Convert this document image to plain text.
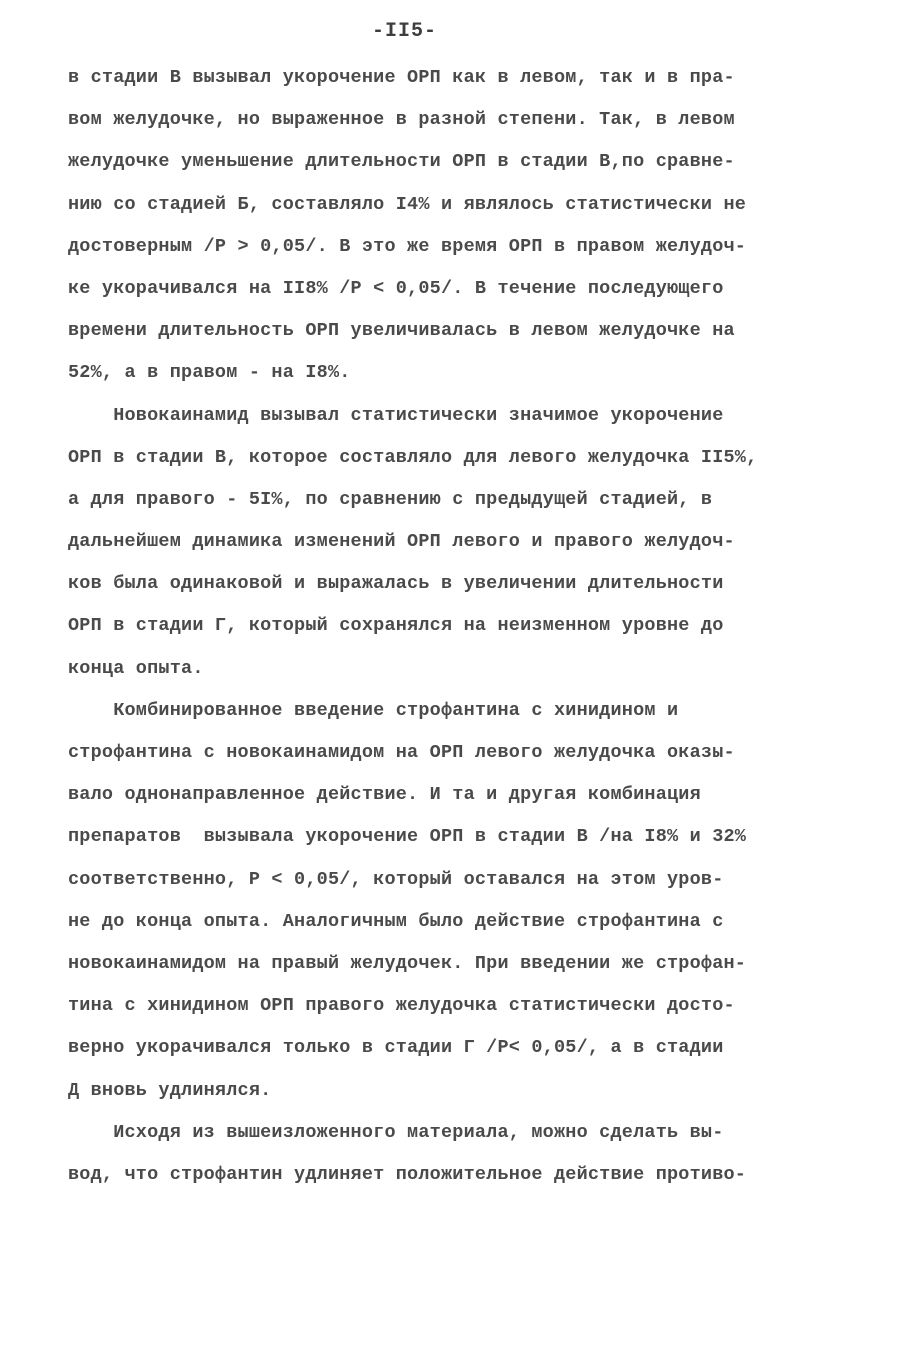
-II5-
в стадии В вызывал укорочение ОРП как в левом, так и в пра-
вом желудочке, но выраженное в разной степени. Так, в левом
желудочке уменьшение длительности ОРП в стадии В,по сравне-
нию со стадией Б, составляло I4% и являлось статистически не
достоверным /Р > 0,05/. В это же время ОРП в правом желудоч-
ке укорачивался на II8% /Р < 0,05/. В течение последующего
времени длительность ОРП увеличивалась в левом желудочке на
52%, а в правом - на I8%.
Новокаинамид вызывал статистически значимое укорочение
ОРП в стадии В, которое составляло для левого желудочка II5%,
а для правого - 5I%, по сравнению с предыдущей стадией, в
дальнейшем динамика изменений ОРП левого и правого желудоч-
ков была одинаковой и выражалась в увеличении длительности
ОРП в стадии Г, который сохранялся на неизменном уровне до
конца опыта.
Комбинированное введение строфантина с хинидином и
строфантина с новокаинамидом на ОРП левого желудочка оказы-
вало однонаправленное действие. И та и другая комбинация
препаратов  вызывала укорочение ОРП в стадии В /на I8% и 32%
соответственно, Р < 0,05/, который оставался на этом уров-
не до конца опыта. Аналогичным было действие строфантина с
новокаинамидом на правый желудочек. При введении же строфан-
тина с хинидином ОРП правого желудочка статистически досто-
верно укорачивался только в стадии Г /Р< 0,05/, а в стадии
Д вновь удлинялся.
Исходя из вышеизложенного материала, можно сделать вы-
вод, что строфантин удлиняет положительное действие противо-
